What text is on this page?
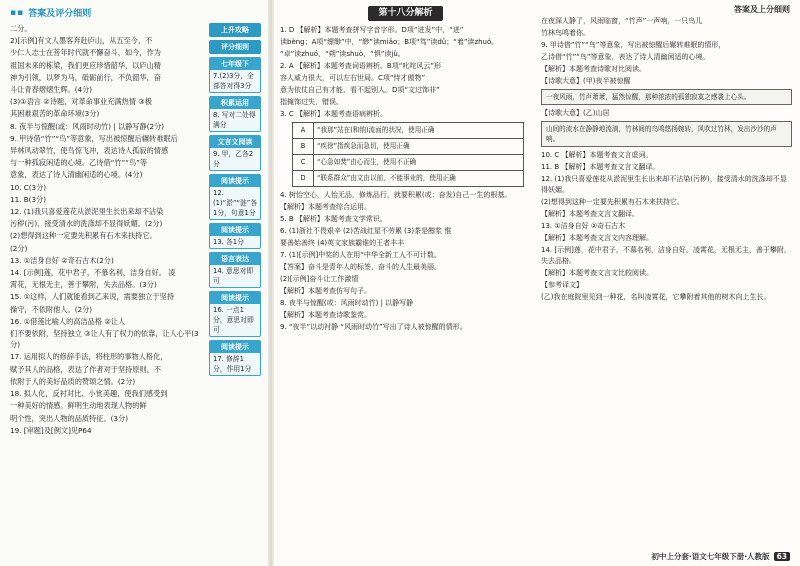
▪▪ 答案及评分细则
二分。
2)[示例]有文人墨客奔赴庐山，从五至今，不
少仁人志士在菩年时代就不懈奋斗，如今，作为
祖国未来的栋梁，我们更应珍惜韶华，以庐山精
神为引领，以梦为马，砥砺前行，不负韶华，奋
斗让青春熠熠生辉。(4分)
(3)①语言 ②诗题，对革命事业充满热情 ③极
其困难艰苦的革命环境(3分)
8. 夜半与惊醒(或：风雨时动竹) | 以静写静(2分)
9. 甲诗借“竹”“鸟”等意象，写出被惊醒后辗转难眠后
异林风动翠竹，使鸟惊飞冲，表达诗人孤寂的情感
与一种孤寂闲适的心境。乙诗借“竹”“鸟”等
意象，表达了诗人清幽闲适的心境。(4分)
10. C(3分)
11. B(3分)
12. (1)我只喜爱莲花从淤泥里生长出来却不沾染
污秽(污)，接受清水的洗涤却不显得妖媚。(2分)
(2)想得到这种一定要先积累有石木来扶持它。
(2分)
13. ①洁身自好 ②奇石古木(2分)
14. [示例]莲，花中君子，不慕名利，洁身自好。 凌
霄花，无根无主，善于攀附，失去品格。(3分)
15. ①这样，人们就能看到乙来说，需要独立于坚持
操守，不依附他人。(2分)
16. ①借莲比喻人的高洁品格 ②让人
们不要依附，坚持独立 ③让人有了权力的依靠，让人心平(3分)
17. 运用拟人的修辞手法，将柱形的事物人格化，
赋予其人的品格，表达了作者对于坚持原则，不
依附于人的美好品质的赞颂之情。(2分)
18. 拟人化，反衬对比、小赏美趣，使我们感受到
一种美好的情感。鲜明生动地表现人物的鲜
明个性，突出人物的品质特征。(3分)
19. [审题]及[例文]见P64
上升攻略
评分细则
七年级下
7.(2)3分，全部答对得3分
积累运用
8. 写对二处得满分
文言文阅读
9. 甲，乙各2分
阅读提示
12.(1)“淤”“涟”各1分，句意1分
阅读提示
13. 各1分
语言表达
14. 意思对即可
阅读提示
16. 一点1分，意思对即可
阅读提示
17. 修辞1分，作用1分
答案及上分细则
第十八分解析
1. D 【解析】本题考查拼写字音字形。D项“迸发”中，“迸”
读bèng；A项“缥缈”中，“缈”读miǎo；B项“笃”读dǔ；“着”读zhuó。
“卓”读zhuó，“朔”读shuò，“惧”读jù。
2. A 【解析】本题考查词语辨析。B项“叱咤风云”形
容人威力很大，可以左右世局。C项“恃才傲物”
意为依仗自己有才能，看不起别人。D项“文过饰非”
指掩饰过失，错误。
3. C 【解析】本题考查语病辨析。
A	“我那”站在(和纳)流面的状况，使用正确
B	“疾徐”指疾急而急切，使用正确
C	“心急如焚”由心而生，使用不正确
D	“联系群众”由文由以前，不能事业的，使用正确
4. 树怡空心，人怡无品，修炼品行，就要积累(或：奋发)自己一生的根基。
【解析】本题考查综合运用。
5. B 【解析】本题考查文学常识。
6. (1)浙社不畏艰辛 (2)苦战红星不劳累 (3)茶是醇浆 惟
要善始善终 (4)英文家族霸谁的王者丰丰
7. (1)[示例]中奖的人在用“中华全新工人不可计数。
【答案】奋斗是青年人的标签，奋斗的人生最美丽。
(2)[示例]奋斗让工作激情
【解析】本题考查仿写句子。
8. 夜半与惊醒(或：风雨时动竹) | 以静写静
【解析】本题考查诗歌鉴赏。
9. “夜半”以动衬静 “风雨时动竹”写出了诗人被惊醒的情形。
在夜深人静了，风雨临窗，“竹声”一声响，一只鸟儿
竹林鸟鸣着你。
9. 甲诗借“竹”“鸟”等意象，写出被惊醒后辗转难眠的情形，
乙诗借“竹”“鸟”等意象，表达了诗人清幽闲适的心境。
【解析】本题考查诗歌对比阅读。
【诗歌大意】(甲)夜半被惊醒
一夜风雨，竹声萧萧，猛然惊醒，那种浓浓的孤独寂寞之感袭上心头。
【诗歌大意】(乙)山居
山间的流水在静静地流淌，竹林间的鸟鸣悠扬婉转，风吹过竹林，发出沙沙的声响。
10. C 【解析】本题考查文言虚词。
11. B 【解析】本题考查文言文翻译。
12. (1)我只喜爱莲花从淤泥里生长出来却不沾染(污秽)，接受清水的洗涤却不显得妖媚。
(2)想得到这种一定要先积累有石木来扶持它。
【解析】本题考查文言文翻译。
13. ①洁身自好 ②奇石古木
【解析】本题考查文言文内容理解。
14. [示例]莲，花中君子，不慕名利，洁身自好。凌霄花，无根无主，善于攀附，失去品格。
【解析】本题考查文言文比较阅读。
【参考译文】
(乙)我在庭院里见到一种花，名叫凌霄花，它攀附着其他的树木向上生长。
初中上分套·语文七年级下册·人教版 63
